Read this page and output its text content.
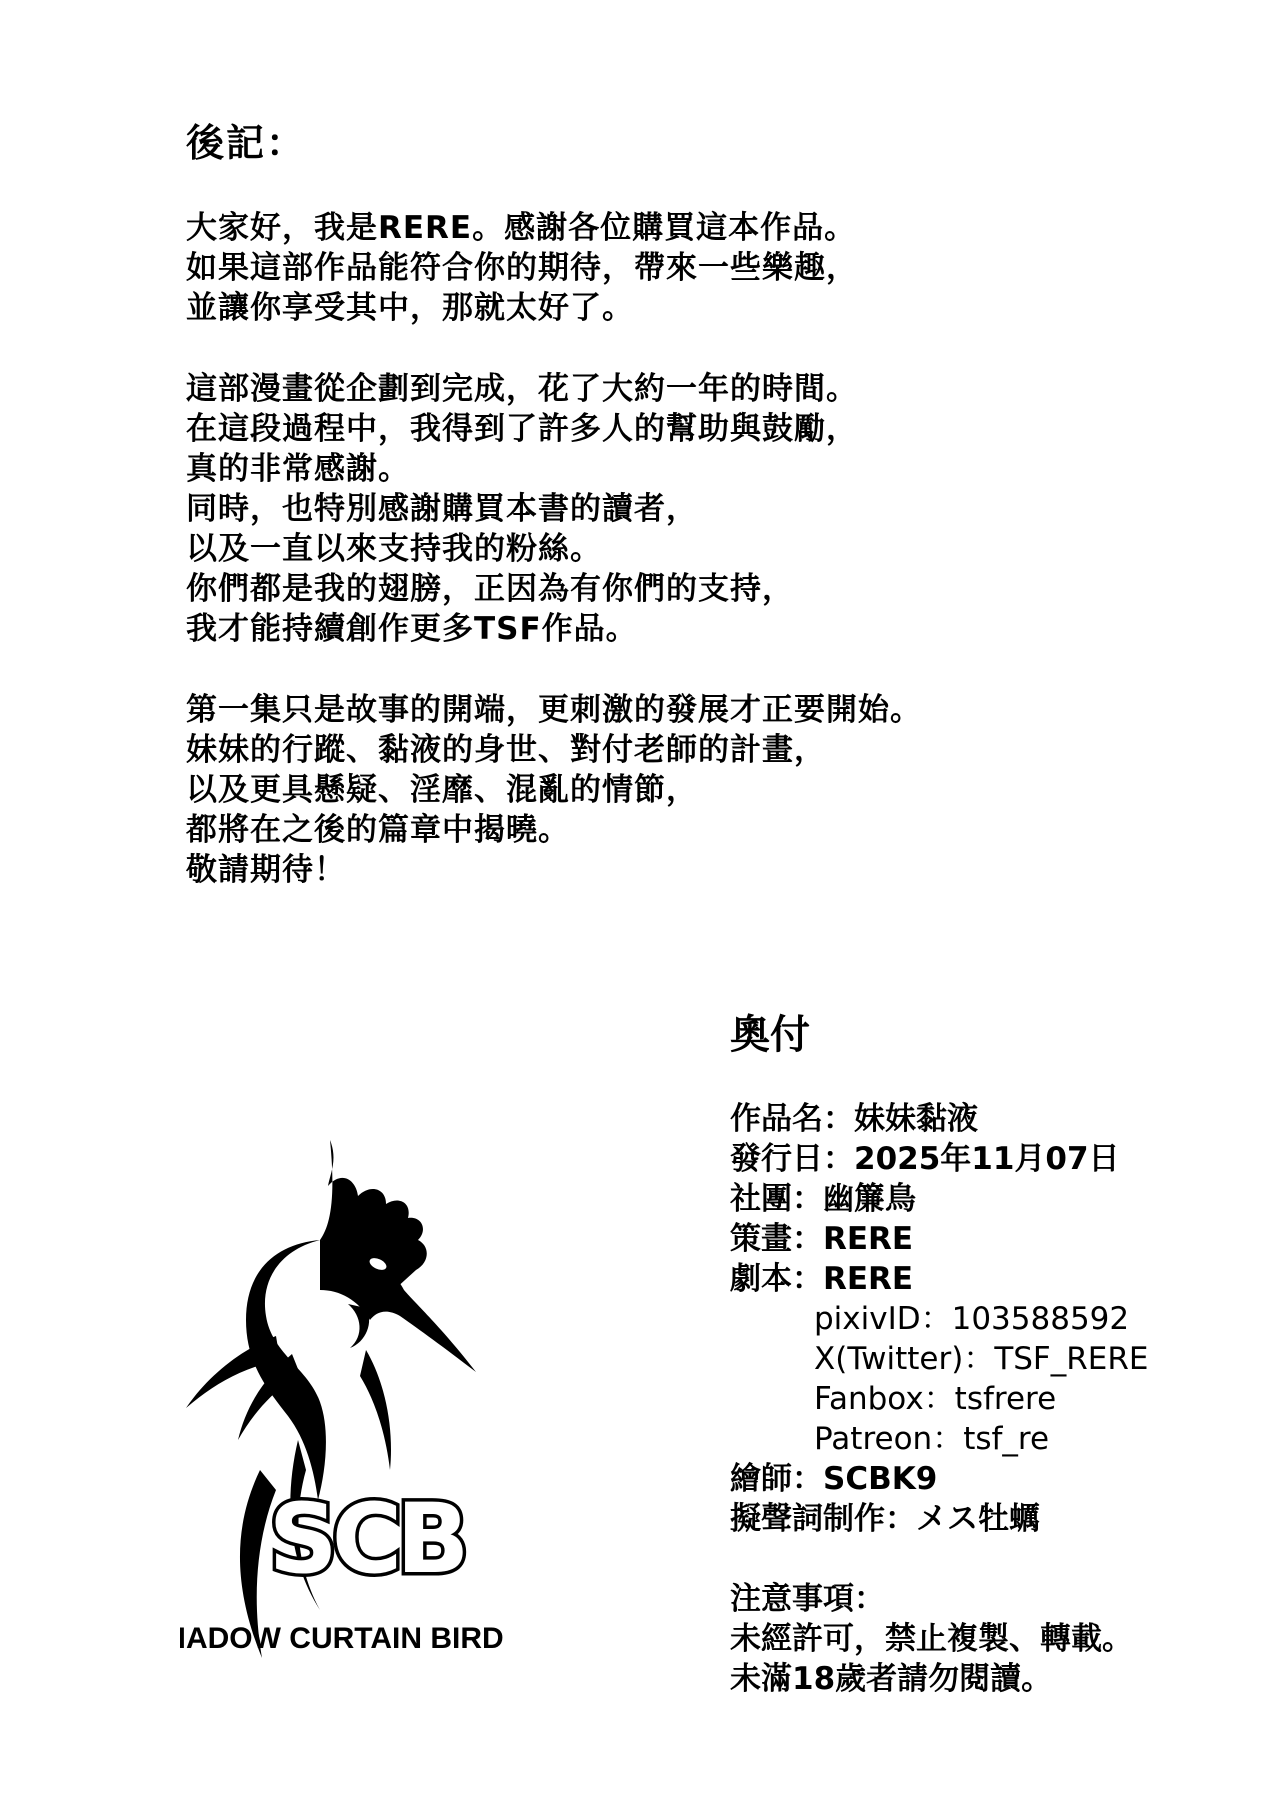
後記：
大家好，我是RERE。感謝各位購買這本作品。
如果這部作品能符合你的期待，帶來一些樂趣，
並讓你享受其中，那就太好了。
這部漫畫從企劃到完成，花了大約一年的時間。
在這段過程中，我得到了許多人的幫助與鼓勵，
真的非常感謝。
同時，也特別感謝購買本書的讀者，
以及一直以來支持我的粉絲。
你們都是我的翅膀，正因為有你們的支持，
我才能持續創作更多TSF作品。
第一集只是故事的開端，更刺激的發展才正要開始。
妹妹的行蹤、黏液的身世、對付老師的計畫，
以及更具懸疑、淫靡、混亂的情節，
都將在之後的篇章中揭曉。
敬請期待！
SCB
SHADOW CURTAIN BIRD
奧付
作品名：妹妹黏液
發行日：2025年11月07日
社團：幽簾鳥
策畫：RERE
劇本：RERE
pixivID：103588592
X(Twitter)：TSF_RERE
Fanbox：tsfrere
Patreon：tsf_re
繪師：SCBK9
擬聲詞制作：メス牡蠣
注意事項：
未經許可，禁止複製、轉載。
未滿18歲者請勿閱讀。
